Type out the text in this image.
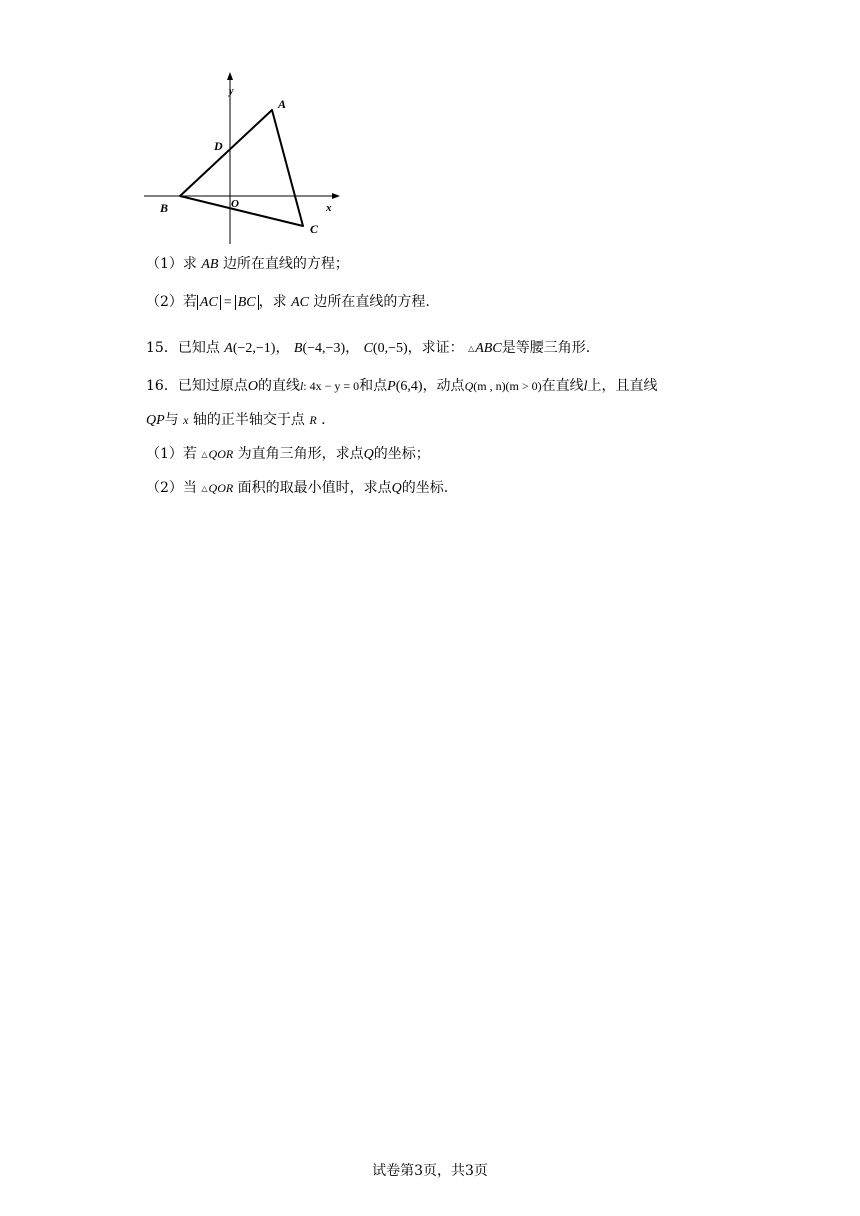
y
A
D
B	O	x
C
（1）求 AB 边所在直线的方程；
（2）若 AC = BC ，求 AC 边所在直线的方程.
15．已知点 A(−2,−1)， B(−4,−3)， C(0,−5)，求证： △ABC是等腰三角形.
16．已知过原点O的直线l: 4x − y = 0和点P(6,4)，动点Q(m , n)(m > 0)在直线l上，且直线
QP与 x 轴的正半轴交于点 R .
（1）若 △QOR 为直角三角形，求点Q的坐标；
（2）当 △QOR 面积的取最小值时，求点Q的坐标.
试卷第3页，共3页
